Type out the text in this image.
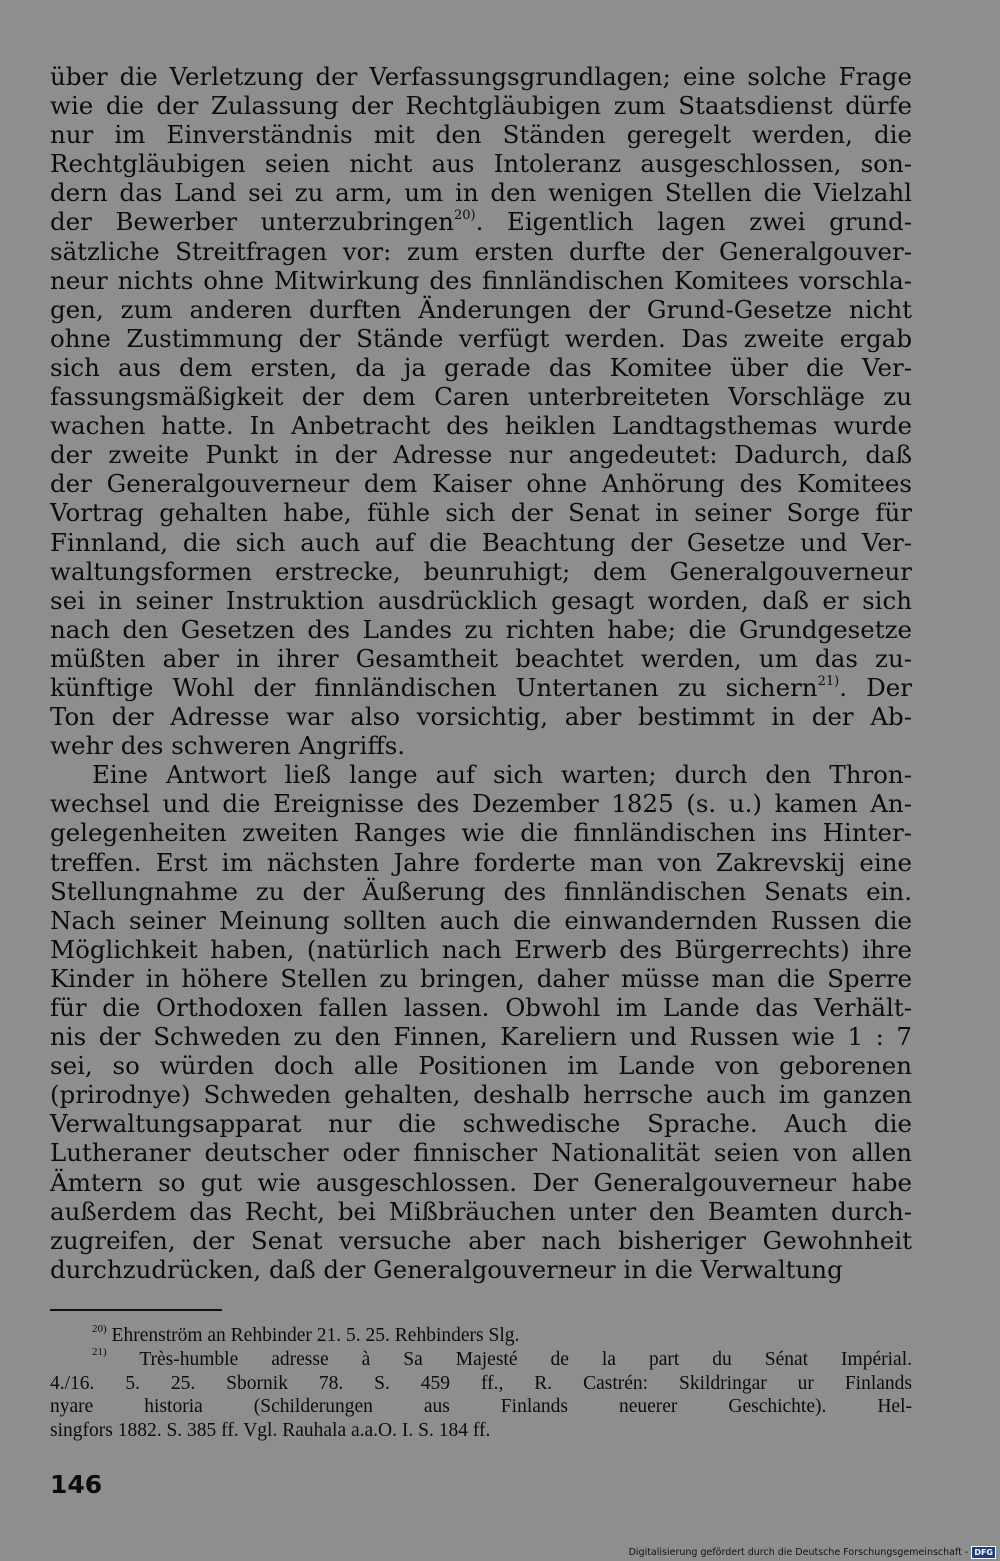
über die Verletzung der Verfassungsgrundlagen; eine solche Frage
wie die der Zulassung der Rechtgläubigen zum Staatsdienst dürfe
nur im Einverständnis mit den Ständen geregelt werden, die
Rechtgläubigen seien nicht aus Intoleranz ausgeschlossen, son-
dern das Land sei zu arm, um in den wenigen Stellen die Vielzahl
der Bewerber unterzubringen$^{20)}$. Eigentlich lagen zwei grund-
sätzliche Streitfragen vor: zum ersten durfte der Generalgouver-
neur nichts ohne Mitwirkung des finnländischen Komitees vorschla-
gen, zum anderen durften Änderungen der Grund-Gesetze nicht
ohne Zustimmung der Stände verfügt werden. Das zweite ergab
sich aus dem ersten, da ja gerade das Komitee über die Ver-
fassungsmäßigkeit der dem Caren unterbreiteten Vorschläge zu
wachen hatte. In Anbetracht des heiklen Landtagsthemas wurde
der zweite Punkt in der Adresse nur angedeutet: Dadurch, daß
der Generalgouverneur dem Kaiser ohne Anhörung des Komitees
Vortrag gehalten habe, fühle sich der Senat in seiner Sorge für
Finnland, die sich auch auf die Beachtung der Gesetze und Ver-
waltungsformen erstrecke, beunruhigt; dem Generalgouverneur
sei in seiner Instruktion ausdrücklich gesagt worden, daß er sich
nach den Gesetzen des Landes zu richten habe; die Grundgesetze
müßten aber in ihrer Gesamtheit beachtet werden, um das zu-
künftige Wohl der finnländischen Untertanen zu sichern$^{21)}$. Der
Ton der Adresse war also vorsichtig, aber bestimmt in der Ab-
wehr des schweren Angriffs.

Eine Antwort ließ lange auf sich warten; durch den Thron-
wechsel und die Ereignisse des Dezember 1825 (s. u.) kamen An-
gelegenheiten zweiten Ranges wie die finnländischen ins Hinter-
treffen. Erst im nächsten Jahre forderte man von Zakrevskij eine
Stellungnahme zu der Äußerung des finnländischen Senats ein.
Nach seiner Meinung sollten auch die einwandernden Russen die
Möglichkeit haben, (natürlich nach Erwerb des Bürgerrechts) ihre
Kinder in höhere Stellen zu bringen, daher müsse man die Sperre
für die Orthodoxen fallen lassen. Obwohl im Lande das Verhält-
nis der Schweden zu den Finnen, Kareliern und Russen wie 1 : 7
sei, so würden doch alle Positionen im Lande von geborenen
(prirodnye) Schweden gehalten, deshalb herrsche auch im ganzen
Verwaltungsapparat nur die schwedische Sprache. Auch die
Lutheraner deutscher oder finnischer Nationalität seien von allen
Ämtern so gut wie ausgeschlossen. Der Generalgouverneur habe
außerdem das Recht, bei Mißbräuchen unter den Beamten durch-
zugreifen, der Senat versuche aber nach bisheriger Gewohnheit
durchzudrücken, daß der Generalgouverneur in die Verwaltung

$^{20)}$ Ehrenström an Rehbinder 21. 5. 25. Rehbinders Slg.
$^{21)}$ Très-humble adresse à Sa Majesté de la part du Sénat Impérial.
4./16. 5. 25. Sbornik 78. S. 459 ff., R. Castrén: Skildringar ur Finlands
nyare historia (Schilderungen aus Finlands neuerer Geschichte). Hel-
singfors 1882. S. 385 ff. Vgl. Rauhala a.a.O. I. S. 184 ff.
146
Digitalisierung gefördert durch die Deutsche Forschungsgemeinschaft - DFG
